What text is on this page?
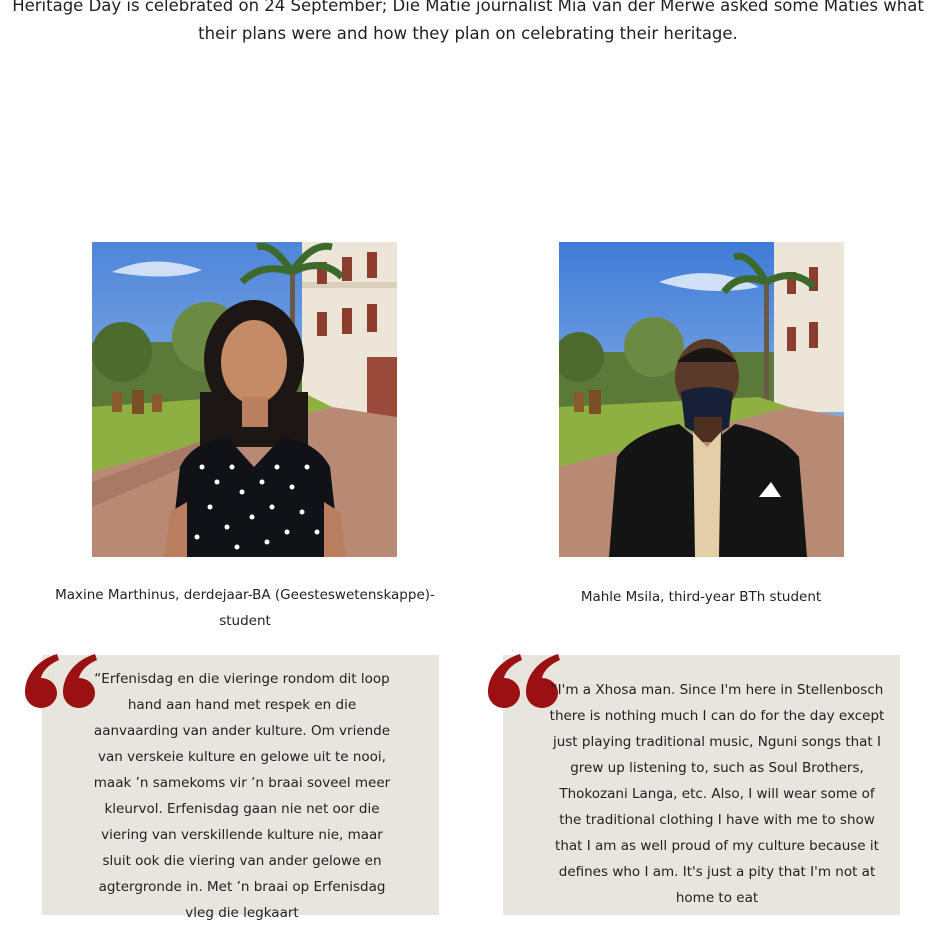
Heritage Day is celebrated on 24 September; Die Matie journalist Mia van der Merwe asked some Maties what their plans were and how they plan on celebrating their heritage.

Maxine Marthinus, derdejaar-BA (Geesteswetenskappe)-student

Mahle Msila, third-year BTh student

“Erfenisdag en die vieringe rondom dit loop hand aan hand met respek en die aanvaarding van ander kulture. Om vriende van verskeie kulture en gelowe uit te nooi, maak ’n samekoms vir ’n braai soveel meer kleurvol. Erfenisdag gaan nie net oor die viering van verskillende kulture nie, maar sluit ook die viering van ander gelowe en agtergronde in. Met ’n braai op Erfenisdag vleg die legkaart

“I'm a Xhosa man. Since I'm here in Stellenbosch there is nothing much I can do for the day except just playing traditional music, Nguni songs that I grew up listening to, such as Soul Brothers, Thokozani Langa, etc. Also, I will wear some of the traditional clothing I have with me to show that I am as well proud of my culture because it defines who I am. It's just a pity that I'm not at home to eat
